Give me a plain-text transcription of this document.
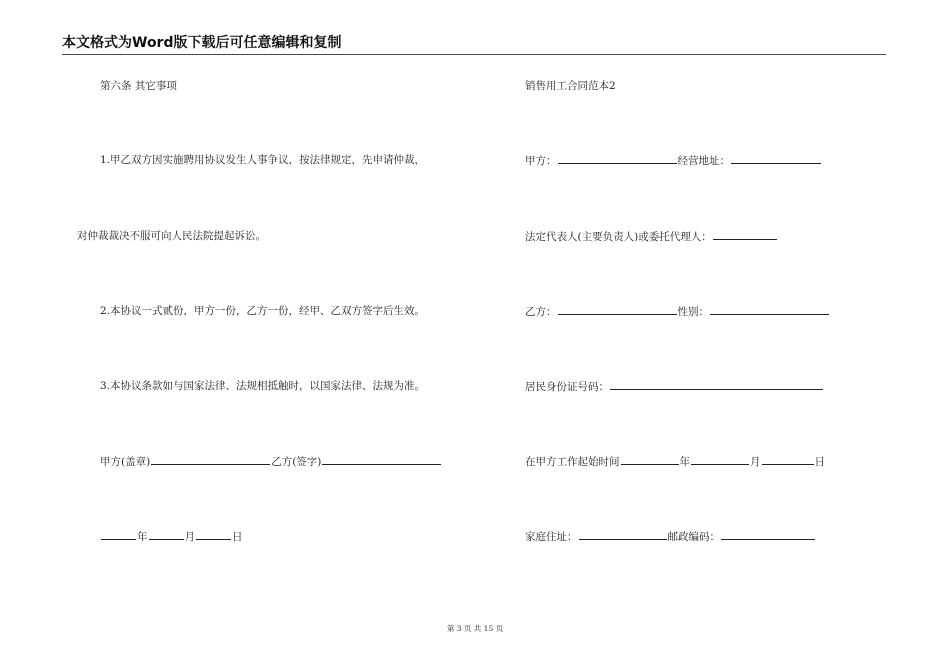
本文格式为Word版下载后可任意编辑和复制
第六条 其它事项
1.甲乙双方因实施聘用协议发生人事争议，按法律规定，先申请仲裁，
对仲裁裁决不服可向人民法院提起诉讼。
2.本协议一式贰份，甲方一份，乙方一份，经甲、乙双方签字后生效。
3.本协议条款如与国家法律、法规相抵触时，以国家法律、法规为准。
甲方(盖章)	乙方(签字)
年	月	日
销售用工合同范本2
甲方：	经营地址：
法定代表人(主要负责人)或委托代理人：
乙方：	性别：
居民身份证号码：
在甲方工作起始时间	年	月	日
家庭住址：	邮政编码：
第 3 页 共 15 页
